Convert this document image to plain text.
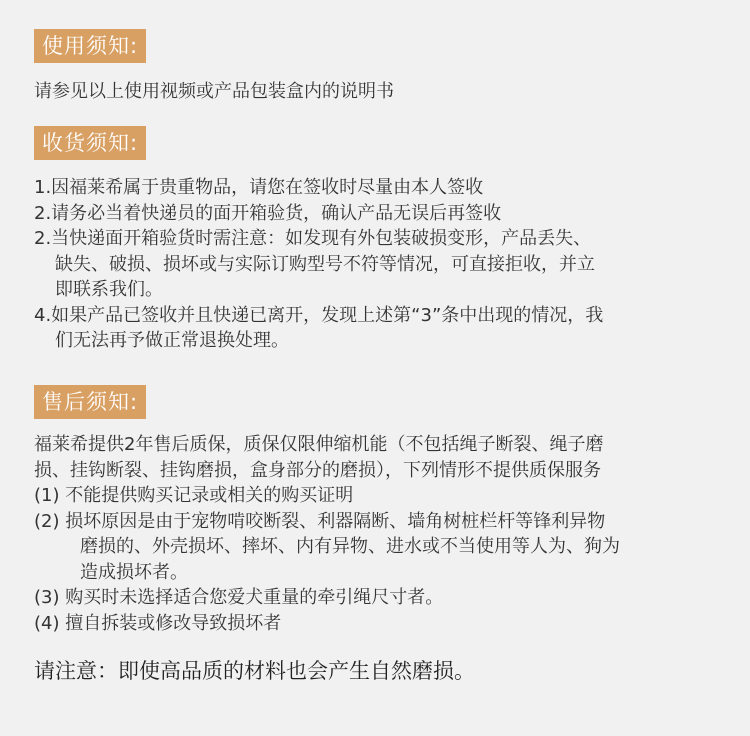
使用须知:
请参见以上使用视频或产品包装盒内的说明书
收货须知:
1.因福莱希属于贵重物品，请您在签收时尽量由本人签收
2.请务必当着快递员的面开箱验货，确认产品无误后再签收
2.当快递面开箱验货时需注意：如发现有外包装破损变形，产品丢失、
缺失、破损、损坏或与实际订购型号不符等情况，可直接拒收，并立
即联系我们。
4.如果产品已签收并且快递已离开，发现上述第“3”条中出现的情况，我
们无法再予做正常退换处理。
售后须知:
福莱希提供2年售后质保，质保仅限伸缩机能（不包括绳子断裂、绳子磨
损、挂钩断裂、挂钩磨损，盒身部分的磨损），下列情形不提供质保服务
(1) 不能提供购买记录或相关的购买证明
(2) 损坏原因是由于宠物啃咬断裂、利器隔断、墙角树桩栏杆等锋利异物
磨损的、外壳损坏、摔坏、内有异物、进水或不当使用等人为、狗为
造成损坏者。
(3) 购买时未选择适合您爱犬重量的牵引绳尺寸者。
(4) 擅自拆装或修改导致损坏者
请注意：即使高品质的材料也会产生自然磨损。
